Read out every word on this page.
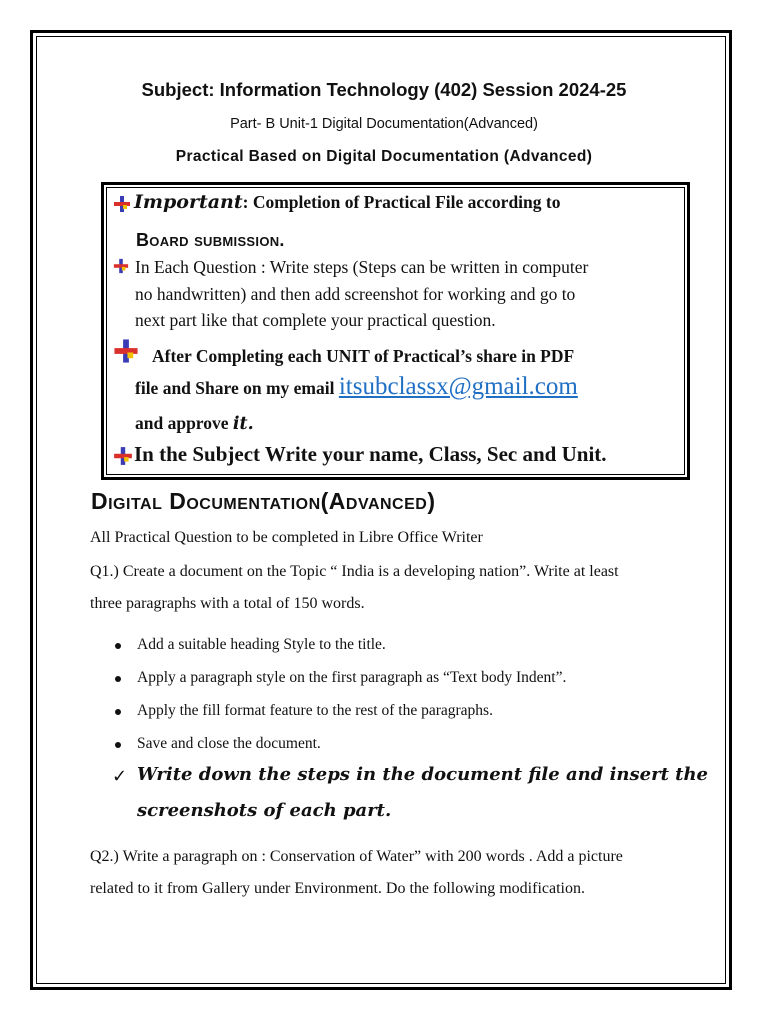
Subject: Information Technology (402) Session 2024-25
Part- B Unit-1 Digital Documentation(Advanced)
Practical Based on Digital Documentation (Advanced)
Important: Completion of Practical File according to
Board submission.
In Each Question : Write steps (Steps can be written in computer
no handwritten) and then add screenshot for working and go to
next part like that complete your practical question.
After Completing each UNIT of Practical’s share in PDF
file and Share on my email itsubclassx@gmail.com
and approve it.
In the Subject Write your name, Class, Sec and Unit.
Digital Documentation(Advanced)
All Practical Question to be completed in Libre Office Writer
Q1.) Create a document on the Topic “ India is a developing nation”. Write at least
three paragraphs with a total of 150 words.
Add a suitable heading Style to the title.
Apply a paragraph style on the first paragraph as “Text body Indent”.
Apply the fill format feature to the rest of the paragraphs.
Save and close the document.
✓ Write down the steps in the document file and insert the
screenshots of each part.
Q2.) Write a paragraph on : Conservation of Water” with 200 words . Add a picture
related to it from Gallery under Environment. Do the following modification.
